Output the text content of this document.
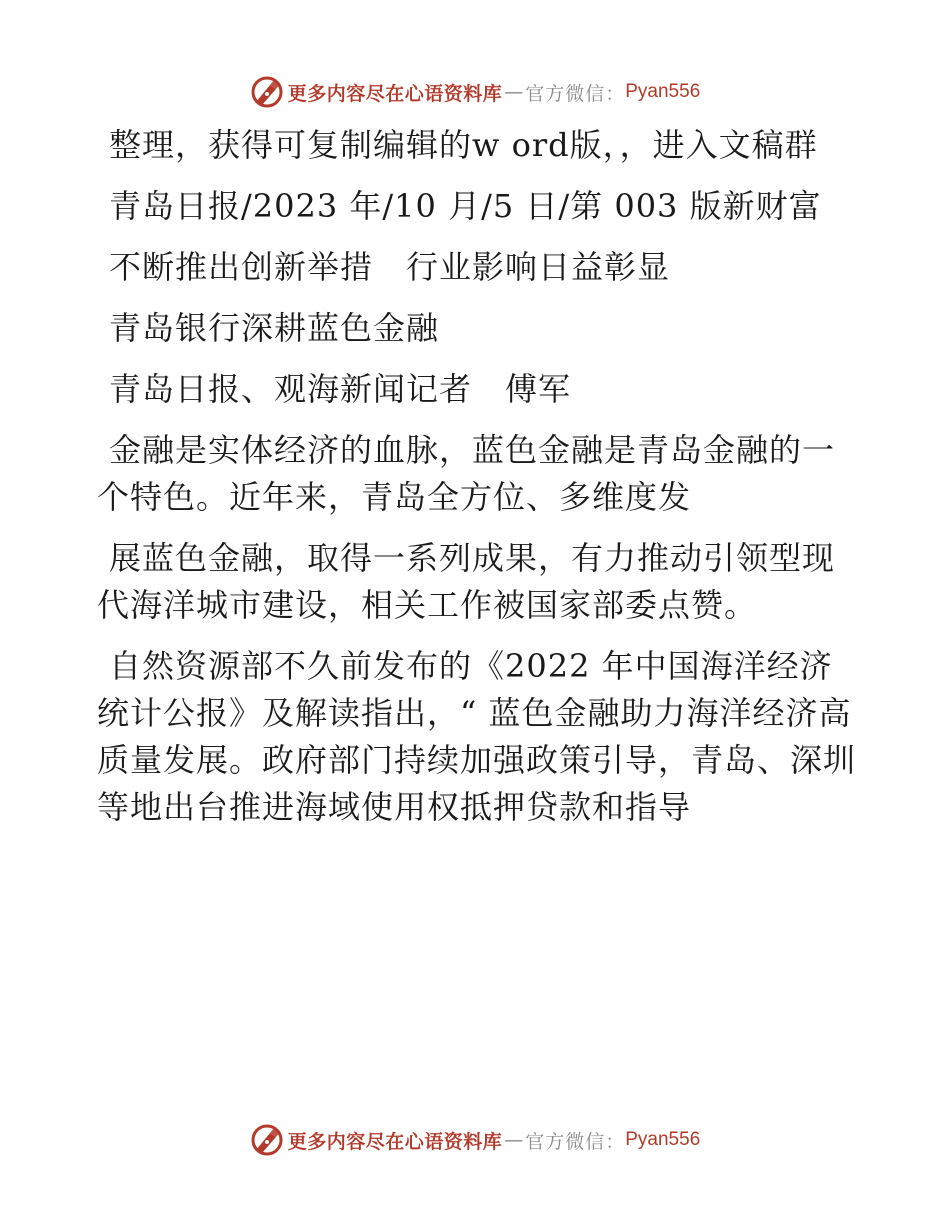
更多内容尽在心语资料库 — 官方微信： Pyan556

整理，获得可复制编辑的w ord版，，进入文稿群

青岛日报/2023 年/10 月/5 日/第 003 版新财富

不断推出创新举措　行业影响日益彰显

青岛银行深耕蓝色金融

青岛日报、观海新闻记者　傅军

金融是实体经济的血脉，蓝色金融是青岛金融的一个特色。近年来，青岛全方位、多维度发

展蓝色金融，取得一系列成果，有力推动引领型现代海洋城市建设，相关工作被国家部委点赞。

自然资源部不久前发布的《2022 年中国海洋经济统计公报》及解读指出，“ 蓝色金融助力海洋经济高质量发展。政府部门持续加强政策引导，青岛、深圳等地出台推进海域使用权抵押贷款和指导

更多内容尽在心语资料库 — 官方微信： Pyan556
